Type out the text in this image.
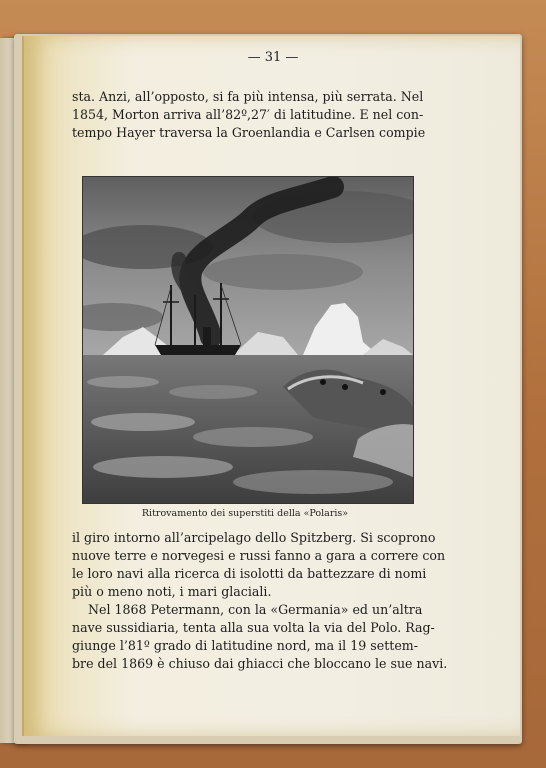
— 31 —
sta. Anzi, all’opposto, si fa più intensa, più serrata. Nel
1854, Morton arriva all’82º,27′ di latitudine. E nel con-
tempo Hayer traversa la Groenlandia e Carlsen compie
Ritrovamento dei superstiti della «Polaris»
il giro intorno all’arcipelago dello Spitzberg. Si scoprono
nuove terre e norvegesi e russi fanno a gara a correre con
le loro navi alla ricerca di isolotti da battezzare di nomi
più o meno noti, i mari glaciali.
Nel 1868 Petermann, con la «Germania» ed un’altra
nave sussidiaria, tenta alla sua volta la via del Polo. Rag-
giunge l’81º grado di latitudine nord, ma il 19 settem-
bre del 1869 è chiuso dai ghiacci che bloccano le sue navi.
